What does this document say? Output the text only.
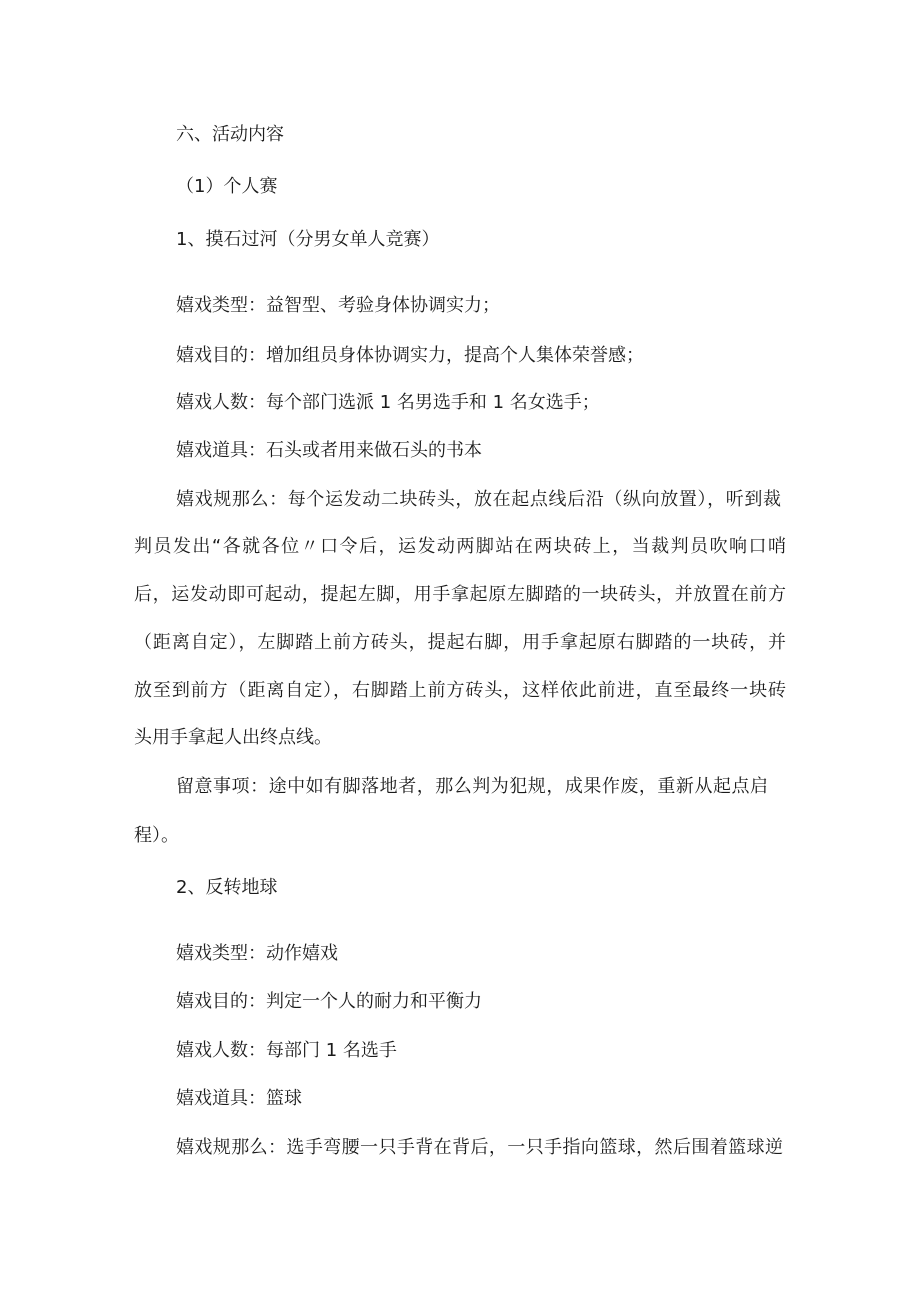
六、活动内容
（1）个人赛
1、摸石过河（分男女单人竞赛）
嬉戏类型：益智型、考验身体协调实力；
嬉戏目的：增加组员身体协调实力，提高个人集体荣誉感；
嬉戏人数：每个部门选派 1 名男选手和 1 名女选手；
嬉戏道具：石头或者用来做石头的书本
嬉戏规那么：每个运发动二块砖头，放在起点线后沿（纵向放置），听到裁
判员发出“各就各位〃口令后，运发动两脚站在两块砖上，当裁判员吹响口哨
后，运发动即可起动，提起左脚，用手拿起原左脚踏的一块砖头，并放置在前方
（距离自定），左脚踏上前方砖头，提起右脚，用手拿起原右脚踏的一块砖，并
放至到前方（距离自定），右脚踏上前方砖头，这样依此前进，直至最终一块砖
头用手拿起人出终点线。
留意事项：途中如有脚落地者，那么判为犯规，成果作废，重新从起点启
程）。
2、反转地球
嬉戏类型：动作嬉戏
嬉戏目的：判定一个人的耐力和平衡力
嬉戏人数：每部门 1 名选手
嬉戏道具：篮球
嬉戏规那么：选手弯腰一只手背在背后，一只手指向篮球，然后围着篮球逆
